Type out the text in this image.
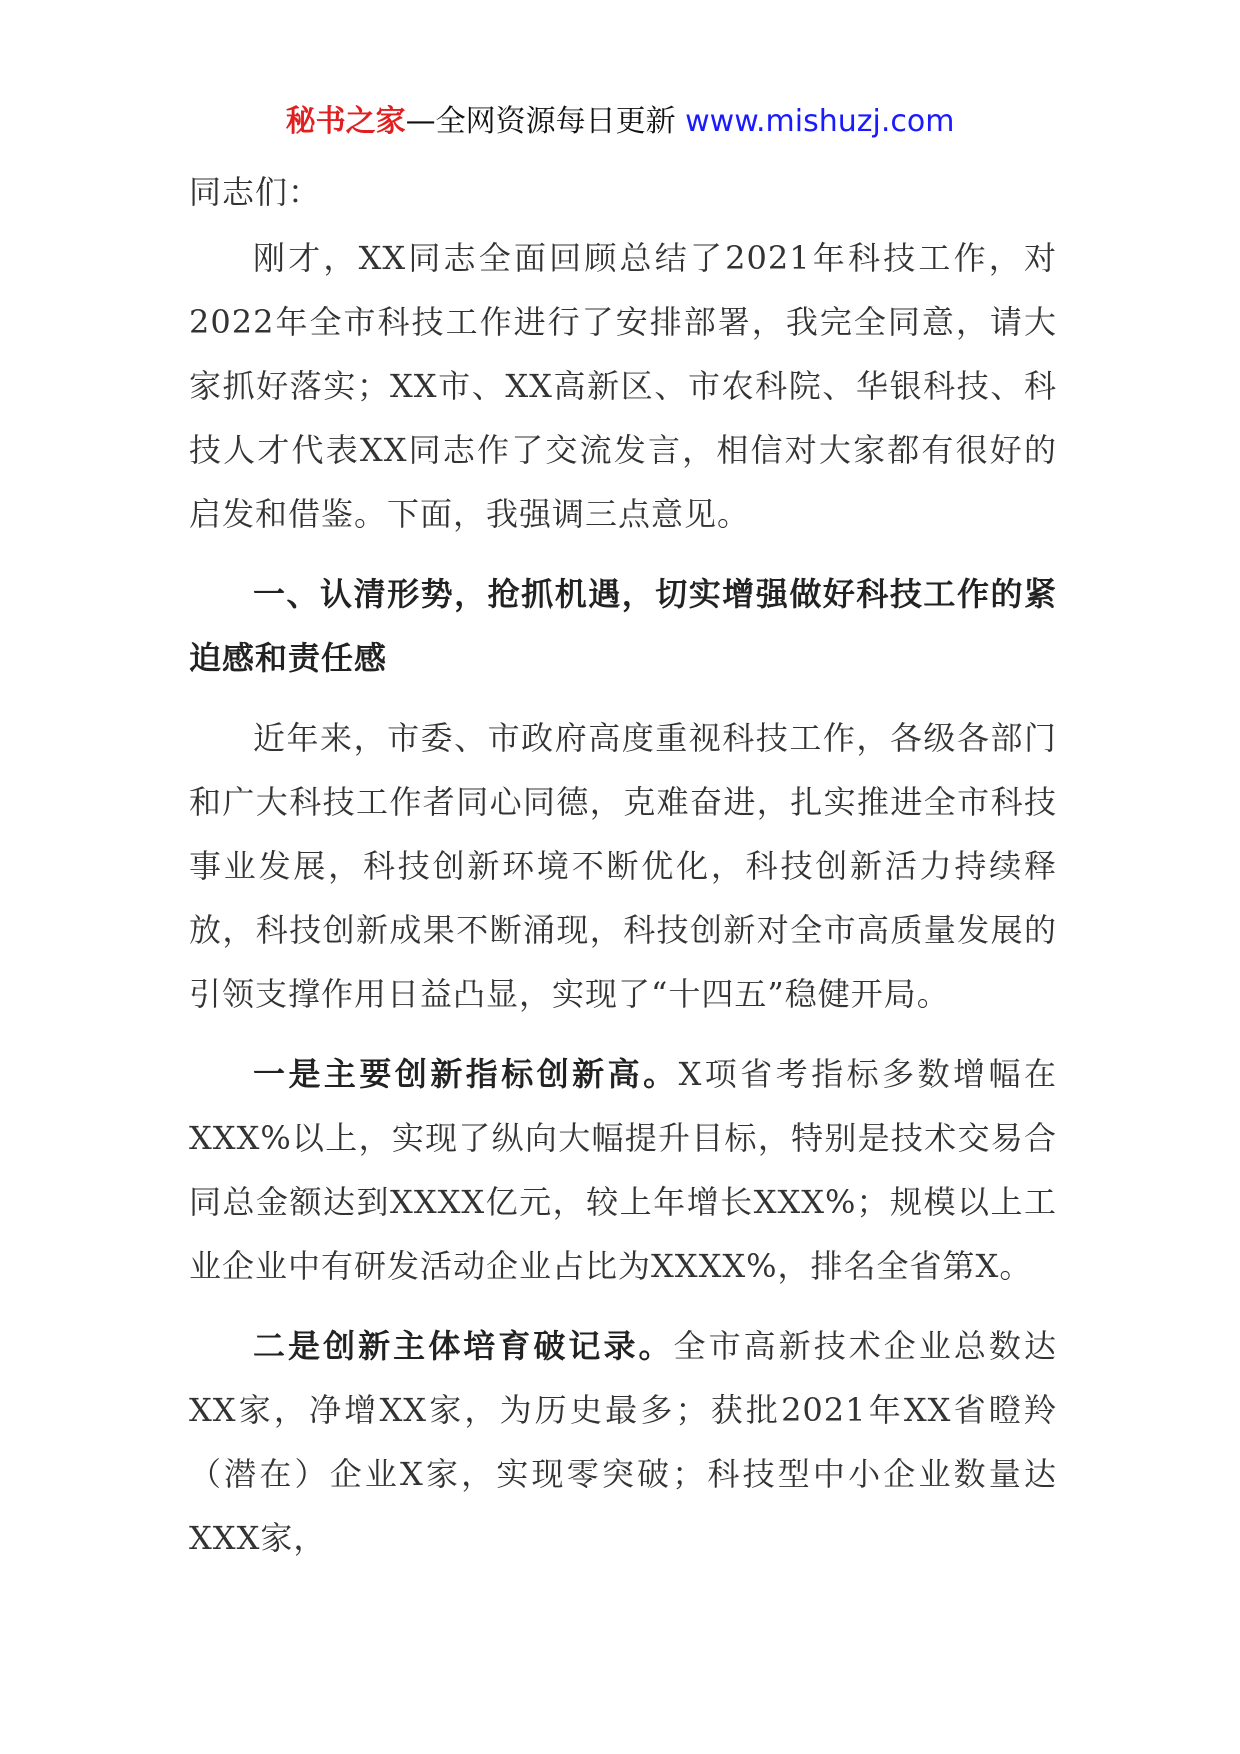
秘书之家—全网资源每日更新 www.mishuzj.com

同志们：

刚才，XX同志全面回顾总结了2021年科技工作，对2022年全市科技工作进行了安排部署，我完全同意，请大家抓好落实；XX市、XX高新区、市农科院、华银科技、科技人才代表XX同志作了交流发言，相信对大家都有很好的启发和借鉴。下面，我强调三点意见。

一、认清形势，抢抓机遇，切实增强做好科技工作的紧迫感和责任感

近年来，市委、市政府高度重视科技工作，各级各部门和广大科技工作者同心同德，克难奋进，扎实推进全市科技事业发展，科技创新环境不断优化，科技创新活力持续释放，科技创新成果不断涌现，科技创新对全市高质量发展的引领支撑作用日益凸显，实现了“十四五”稳健开局。

一是主要创新指标创新高。X项省考指标多数增幅在XXX%以上，实现了纵向大幅提升目标，特别是技术交易合同总金额达到XXXX亿元，较上年增长XXX%；规模以上工业企业中有研发活动企业占比为XXXX%，排名全省第X。

二是创新主体培育破记录。全市高新技术企业总数达XX家，净增XX家，为历史最多；获批2021年XX省瞪羚（潜在）企业X家，实现零突破；科技型中小企业数量达XXX家，
